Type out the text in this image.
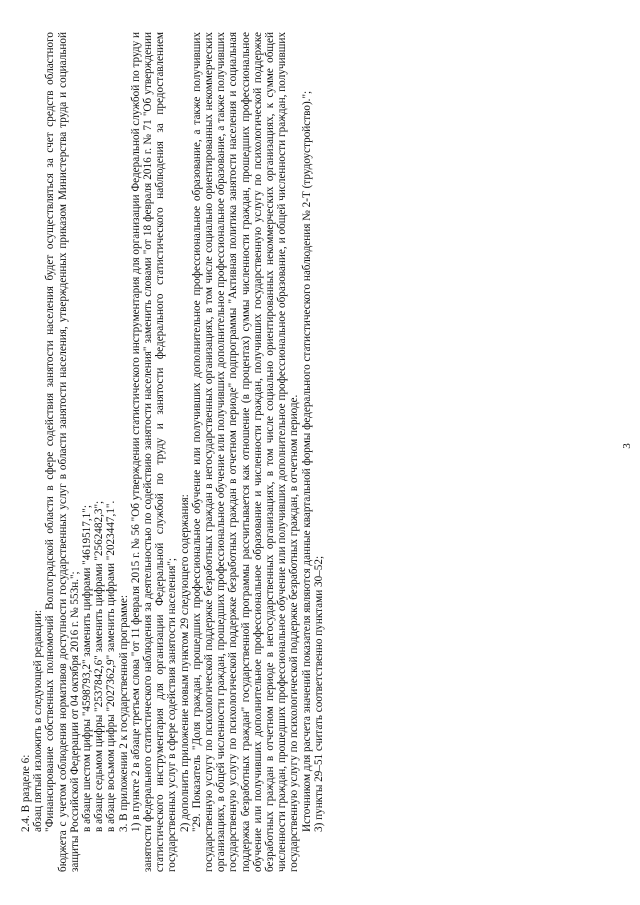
3

2.4. В разделе 6: абзац пятый изложить в следующей редакции: "Финансирование собственных полномочий Волгоградской области в сфере содействия занятости населения будет осуществляться за счет средств областного бюджета с учетом соблюдения нормативов доступности государственных услуг в области занятости населения, утвержденных приказом Министерства труда и социальной защиты Российской Федерации от 04 октября 2016 г. № 553н."; в абзаце шестом цифры "4598793,2" заменить цифрами "4619517,1"; в абзаце седьмом цифры "2537842,6" заменить цифрами "2562482,3"; в абзаце восьмом цифры "2027362,9" заменить цифрами "2023447,1". 3. В приложении 2 к государственной программе: 1) в пункте 2 в абзаце третьем слова "от 11 февраля 2015 г. № 56 "Об утверждении статистического инструментария для организации Федеральной службой по труду и занятости федерального статистического наблюдения за деятельностью по содействию занятости населения" заменить словами "от 18 февраля 2016 г. № 71 "Об утверждении статистического инструментария для организации Федеральной службой по труду и занятости федерального статистического наблюдения за предоставлением государственных услуг в сфере содействия занятости населения"; 2) дополнить приложение новым пунктом 29 следующего содержания: "29. Показатель "Доля граждан, прошедших профессиональное обучение или получивших дополнительное профессиональное образование, а также получивших государственную услугу по психологической поддержке безработных граждан в негосударственных организациях, в том числе социально ориентированных некоммерческих организациях, в общей численности граждан, прошедших профессиональное обучение или получивших дополнительное профессиональное образование, а также получивших государственную услугу по психологической поддержке безработных граждан в отчетном периоде" подпрограммы "Активная политика занятости населения и социальная поддержка безработных граждан" государственной программы рассчитывается как отношение (в процентах) суммы численности граждан, прошедших профессиональное обучение или получивших дополнительное профессиональное образование и численности граждан, получивших государственную услугу по психологической поддержке безработных граждан в отчетном периоде в негосударственных организациях, в том числе социально ориентированных некоммерческих организациях, к сумме общей численности граждан, прошедших профессиональное обучение или получивших дополнительное профессиональное образование, и общей численности граждан, получивших государственную услугу по психологической поддержке безработных граждан, в отчетном периоде. Источником для расчета значений показателя являются данные квартальной формы федерального статистического наблюдения № 2-Т (трудоустройство)."; 3) пункты 29–51 считать соответственно пунктами 30–52;
